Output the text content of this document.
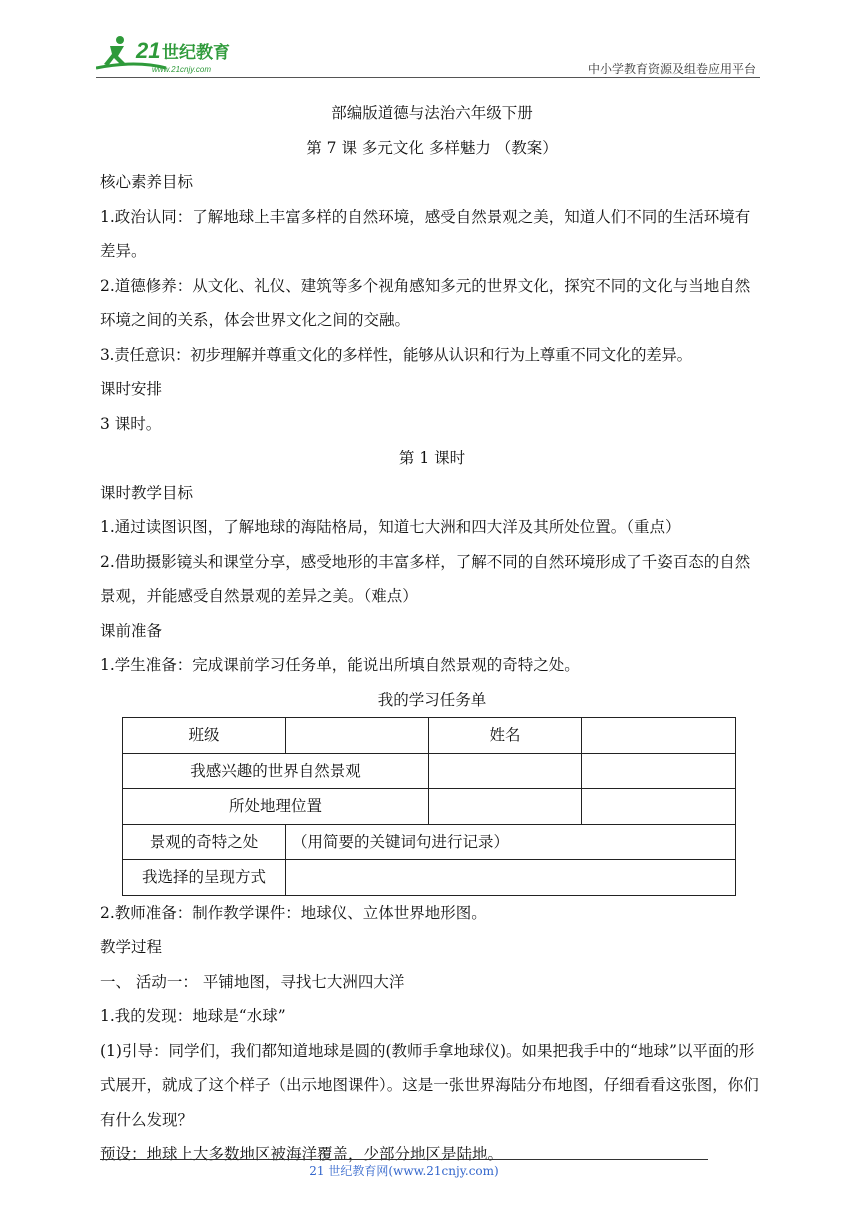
21 世纪教育
www.21cnjy.com	中小学教育资源及组卷应用平台

部编版道德与法治六年级下册

第 7 课 多元文化 多样魅力 （教案）

核心素养目标

1.政治认同：了解地球上丰富多样的自然环境，感受自然景观之美，知道人们不同的生活环境有差异。

2.道德修养：从文化、礼仪、建筑等多个视角感知多元的世界文化，探究不同的文化与当地自然环境之间的关系，体会世界文化之间的交融。

3.责任意识：初步理解并尊重文化的多样性，能够从认识和行为上尊重不同文化的差异。

课时安排

3 课时。

第 1 课时

课时教学目标

1.通过读图识图，了解地球的海陆格局，知道七大洲和四大洋及其所处位置。（重点）

2.借助摄影镜头和课堂分享，感受地形的丰富多样，了解不同的自然环境形成了千姿百态的自然景观，并能感受自然景观的差异之美。（难点）

课前准备

1.学生准备：完成课前学习任务单，能说出所填自然景观的奇特之处。

我的学习任务单

班级		姓名	
我感兴趣的世界自然景观			
所处地理位置			
景观的奇特之处	（用简要的关键词句进行记录）		
我选择的呈现方式			

2.教师准备：制作教学课件：地球仪、立体世界地形图。

教学过程

一、 活动一： 平铺地图，寻找七大洲四大洋

1.我的发现：地球是“水球”

(1)引导：同学们，我们都知道地球是圆的(教师手拿地球仪)。如果把我手中的“地球”以平面的形式展开，就成了这个样子（出示地图课件）。这是一张世界海陆分布地图，仔细看看这张图，你们有什么发现？

预设：地球上大多数地区被海洋覆盖，少部分地区是陆地。

21 世纪教育网(www.21cnjy.com)
